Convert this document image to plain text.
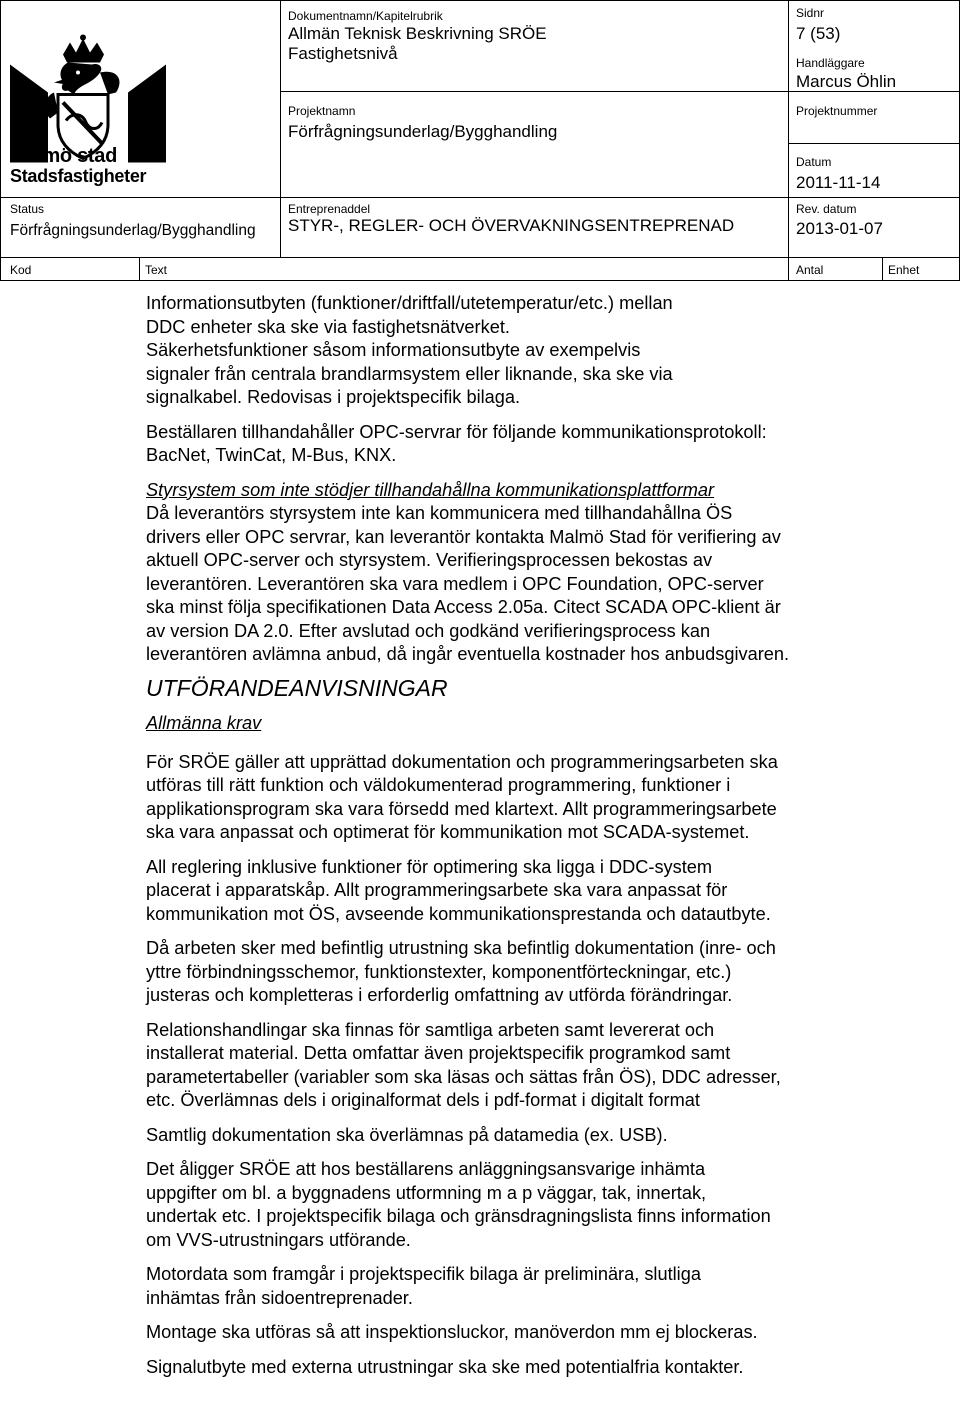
Malmö stad
Stadsfastigheter
Dokumentnamn/Kapitelrubrik
Allmän Teknisk Beskrivning SRÖE
Fastighetsnivå
Projektnamn
Förfrågningsunderlag/Bygghandling
Entreprenaddel
STYR-, REGLER- OCH ÖVERVAKNINGSENTREPRENAD
Sidnr
7 (53)
Handläggare
Marcus Öhlin
Projektnummer
Datum
2011-11-14
Rev. datum
2013-01-07
Status
Förfrågningsunderlag/Bygghandling
Kod	Text	Antal	Enhet

Informationsutbyten (funktioner/driftfall/utetemperatur/etc.) mellan

DDC enheter ska ske via fastighetsnätverket.

Säkerhetsfunktioner såsom informationsutbyte av exempelvis

signaler från centrala brandlarmsystem eller liknande, ska ske via

signalkabel. Redovisas i projektspecifik bilaga.

Beställaren tillhandahåller OPC-servrar för följande kommunikationsprotokoll:

BacNet, TwinCat, M-Bus, KNX.

Styrsystem som inte stödjer tillhandahållna kommunikationsplattformar

Då leverantörs styrsystem inte kan kommunicera med tillhandahållna ÖS

drivers eller OPC servrar, kan leverantör kontakta Malmö Stad för verifiering av

aktuell OPC-server och styrsystem. Verifieringsprocessen bekostas av

leverantören. Leverantören ska vara medlem i OPC Foundation, OPC-server

ska minst följa specifikationen Data Access 2.05a. Citect SCADA OPC-klient är

av version DA 2.0. Efter avslutad och godkänd verifieringsprocess kan

leverantören avlämna anbud, då ingår eventuella kostnader hos anbudsgivaren.

UTFÖRANDEANVISNINGAR
Allmänna krav

För SRÖE gäller att upprättad dokumentation och programmeringsarbeten ska

utföras till rätt funktion och väldokumenterad programmering, funktioner i

applikationsprogram ska vara försedd med klartext. Allt programmeringsarbete

ska vara anpassat och optimerat för kommunikation mot SCADA-systemet.

All reglering inklusive funktioner för optimering ska ligga i DDC-system

placerat i apparatskåp. Allt programmeringsarbete ska vara anpassat för

kommunikation mot ÖS, avseende kommunikationsprestanda och datautbyte.

Då arbeten sker med befintlig utrustning ska befintlig dokumentation (inre- och

yttre förbindningsschemor, funktionstexter, komponentförteckningar, etc.)

justeras och kompletteras i erforderlig omfattning av utförda förändringar.

Relationshandlingar ska finnas för samtliga arbeten samt levererat och

installerat material. Detta omfattar även projektspecifik programkod samt

parametertabeller (variabler som ska läsas och sättas från ÖS), DDC adresser,

etc. Överlämnas dels i originalformat dels i pdf-format i digitalt format

Samtlig dokumentation ska överlämnas på datamedia (ex. USB).

Det åligger SRÖE att hos beställarens anläggningsansvarige inhämta

uppgifter om bl. a byggnadens utformning m a p väggar, tak, innertak,

undertak etc. I projektspecifik bilaga och gränsdragningslista finns information

om VVS-utrustningars utförande.

Motordata som framgår i projektspecifik bilaga är preliminära, slutliga

inhämtas från sidoentreprenader.

Montage ska utföras så att inspektionsluckor, manöverdon mm ej blockeras.

Signalutbyte med externa utrustningar ska ske med potentialfria kontakter.
